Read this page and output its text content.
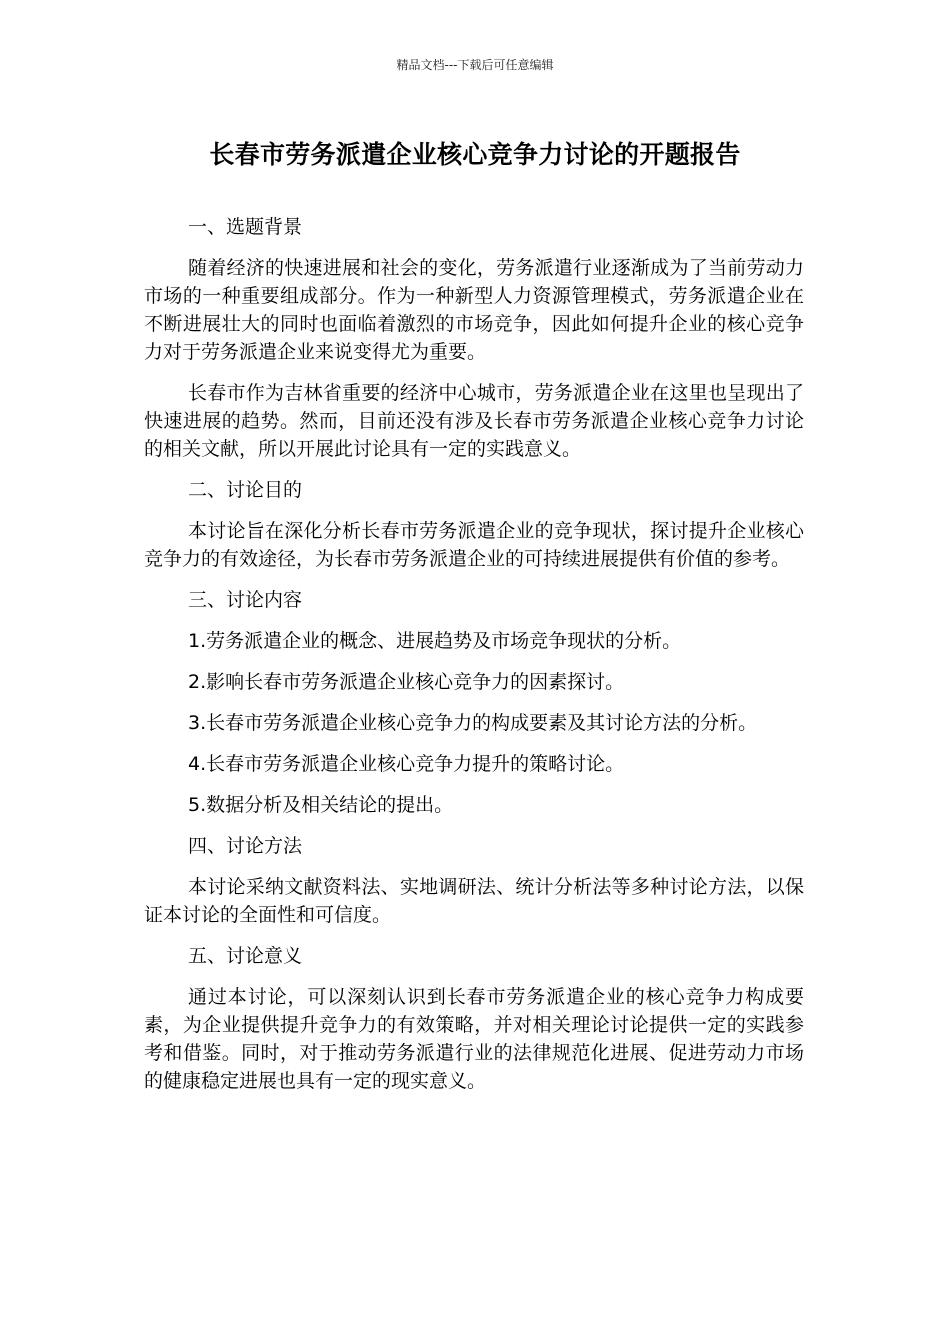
精品文档---下载后可任意编辑
长春市劳务派遣企业核心竞争力讨论的开题报告
一、选题背景

随着经济的快速进展和社会的变化，劳务派遣行业逐渐成为了当前劳动力市场的一种重要组成部分。作为一种新型人力资源管理模式，劳务派遣企业在不断进展壮大的同时也面临着激烈的市场竞争，因此如何提升企业的核心竞争力对于劳务派遣企业来说变得尤为重要。

长春市作为吉林省重要的经济中心城市，劳务派遣企业在这里也呈现出了快速进展的趋势。然而，目前还没有涉及长春市劳务派遣企业核心竞争力讨论的相关文献，所以开展此讨论具有一定的实践意义。

二、讨论目的

本讨论旨在深化分析长春市劳务派遣企业的竞争现状，探讨提升企业核心竞争力的有效途径，为长春市劳务派遣企业的可持续进展提供有价值的参考。

三、讨论内容
1.劳务派遣企业的概念、进展趋势及市场竞争现状的分析。
2.影响长春市劳务派遣企业核心竞争力的因素探讨。
3.长春市劳务派遣企业核心竞争力的构成要素及其讨论方法的分析。
4.长春市劳务派遣企业核心竞争力提升的策略讨论。
5.数据分析及相关结论的提出。
四、讨论方法

本讨论采纳文献资料法、实地调研法、统计分析法等多种讨论方法，以保证本讨论的全面性和可信度。

五、讨论意义

通过本讨论，可以深刻认识到长春市劳务派遣企业的核心竞争力构成要素，为企业提供提升竞争力的有效策略，并对相关理论讨论提供一定的实践参考和借鉴。同时，对于推动劳务派遣行业的法律规范化进展、促进劳动力市场的健康稳定进展也具有一定的现实意义。
